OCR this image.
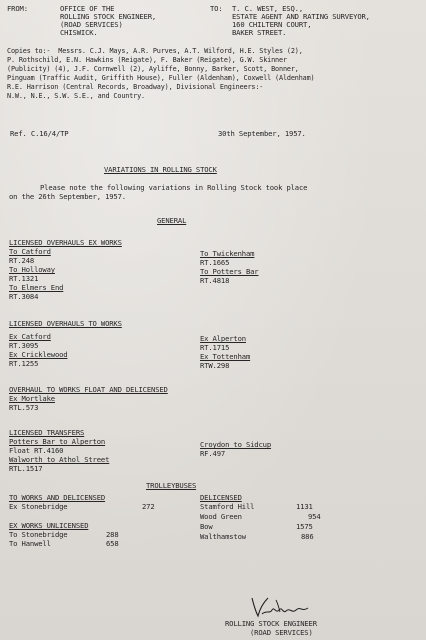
FROM:	OFFICE OF THE
ROLLING STOCK ENGINEER,
(ROAD SERVICES)
CHISWICK.
TO: T. C. WEST, ESQ.,
ESTATE AGENT AND RATING SURVEYOR,
160 CHILTERN COURT,
BAKER STREET.
Copies to:-  Messrs. C.J. Mays, A.R. Purves, A.T. Wilford, H.E. Styles (2),
P. Rothschild, E.N. Hawkins (Reigate), F. Baker (Reigate), G.W. Skinner
(Publicity) (4), J.F. Cornwell (2), Ayliffe, Bonny, Barker, Scott, Bonner,
Pinguam (Traffic Audit, Griffith House), Fuller (Aldenham), Coxwell (Aldenham)
R.E. Harrison (Central Records, Broadway), Divisional Engineers:-
N.W., N.E., S.W. S.E., and Country.
Ref. C.16/4/TP	30th September, 1957.
VARIATIONS IN ROLLING STOCK
Please note the following variations in Rolling Stock took place
on the 26th September, 1957.
GENERAL
LICENSED OVERHAULS EX WORKS
To Catford
RT.248
To Holloway
RT.1321
To Elmers End
RT.3084
To Twickenham
RT.1665
To Potters Bar
RT.4818
LICENSED OVERHAULS TO WORKS
Ex Catford
RT.3095
Ex Cricklewood
RT.1255
Ex Alperton
RT.1715
Ex Tottenham
RTW.298
OVERHAUL TO WORKS FLOAT AND DELICENSED
Ex Mortlake
RTL.573
LICENSED TRANSFERS
Potters Bar to Alperton
Float RT.4160
Walworth to Athol Street
RTL.1517
Croydon to Sidcup
RF.497
TROLLEYBUSES
TO WORKS AND DELICENSED
Ex Stonebridge	272
EX WORKS UNLICENSED
To Stonebridge	288
To Hanwell	658
DELICENSED
Stamford Hill	1131
Wood Green	954
Bow	1575
Walthamstow	886
ROLLING STOCK ENGINEER
(ROAD SERVICES)
